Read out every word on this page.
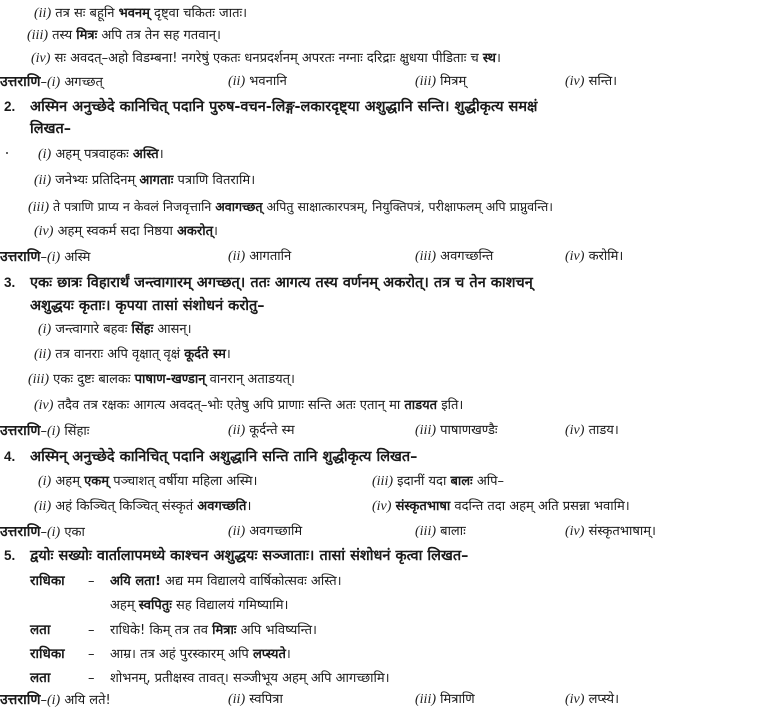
(ii) तत्र सः बहूनि भवनम् दृष्ट्वा चकितः जातः।
(iii) तस्य मित्रः अपि तत्र तेन सह गतवान्।
(iv) सः अवदत्–अहो विडम्बना! नगरेषुं एकतः धनप्रदर्शनम् अपरतः नग्नाः दरिद्राः क्षुधया पीडिताः च स्थ।
उत्तराणि–(i) अगच्छत्	(ii) भवनानि	(iii) मित्रम्	(iv) सन्ति।
2. अस्मिन अनुच्छेदे कानिचित् पदानि पुरुष-वचन-लिङ्ग-लकारदृष्ट्या अशुद्धानि सन्ति। शुद्धीकृत्य समक्षं
लिखत–
(i) अहम् पत्रवाहकः अस्ति।
(ii) जनेभ्यः प्रतिदिनम् आगताः पत्राणि वितरामि।
(iii) ते पत्राणि प्राप्य न केवलं निजवृत्तानि अवागच्छत् अपितु साक्षात्कारपत्रम्, नियुक्तिपत्रं, परीक्षाफलम् अपि प्राप्नुवन्ति।
(iv) अहम् स्वकर्म सदा निष्ठया अकरोत्।
उत्तराणि–(i) अस्मि	(ii) आगतानि	(iii) अवगच्छन्ति	(iv) करोमि।
3. एकः छात्रः विहारार्थं जन्त्वागारम् अगच्छत्। ततः आगत्य तस्य वर्णनम् अकरोत्। तत्र च तेन काशचन्
अशुद्धयः कृताः। कृपया तासां संशोधनं करोतु–
(i) जन्त्वागारे बहवः सिंहः आसन्।
(ii) तत्र वानराः अपि वृक्षात् वृक्षं कूर्दते स्म।
(iii) एकः दुष्टः बालकः पाषाण-खण्डान् वानरान् अताडयत्।
(iv) तदैव तत्र रक्षकः आगत्य अवदत्–भोः एतेषु अपि प्राणाः सन्ति अतः एतान् मा ताडयत इति।
उत्तराणि–(i) सिंहाः	(ii) कूर्दन्ते स्म	(iii) पाषाणखण्डैः	(iv) ताडय।
4. अस्मिन् अनुच्छेदे कानिचित् पदानि अशुद्धानि सन्ति तानि शुद्धीकृत्य लिखत–
(i) अहम् एकम् पञ्चाशत् वर्षीया महिला अस्मि।	(iii) इदानीं यदा बालः अपि–
(ii) अहं किञ्चित् किञ्चित् संस्कृतं अवगच्छति।	(iv) संस्कृतभाषा वदन्ति तदा अहम् अति प्रसन्ना भवामि।
उत्तराणि–(i) एका	(ii) अवगच्छामि	(iii) बालाः	(iv) संस्कृतभाषाम्।
5. द्वयोः सख्योः वार्तालापमध्ये काश्चन अशुद्धयः सञ्जाताः। तासां संशोधनं कृत्वा लिखत–
राधिका – अयि लता! अद्य मम विद्यालये वार्षिकोत्सवः अस्ति।
अहम् स्वपितुः सह विद्यालयं गमिष्यामि।
लता	– राधिके! किम् तत्र तव मित्राः अपि भविष्यन्ति।
राधिका – आम्र। तत्र अहं पुरस्कारम् अपि लप्स्यते।
लता	– शोभनम्, प्रतीक्षस्व तावत्। सञ्जीभूय अहम् अपि आगच्छामि।
उत्तराणि–(i) अयि लते!	(ii) स्वपित्रा	(iii) मित्राणि	(iv) लप्स्ये।
